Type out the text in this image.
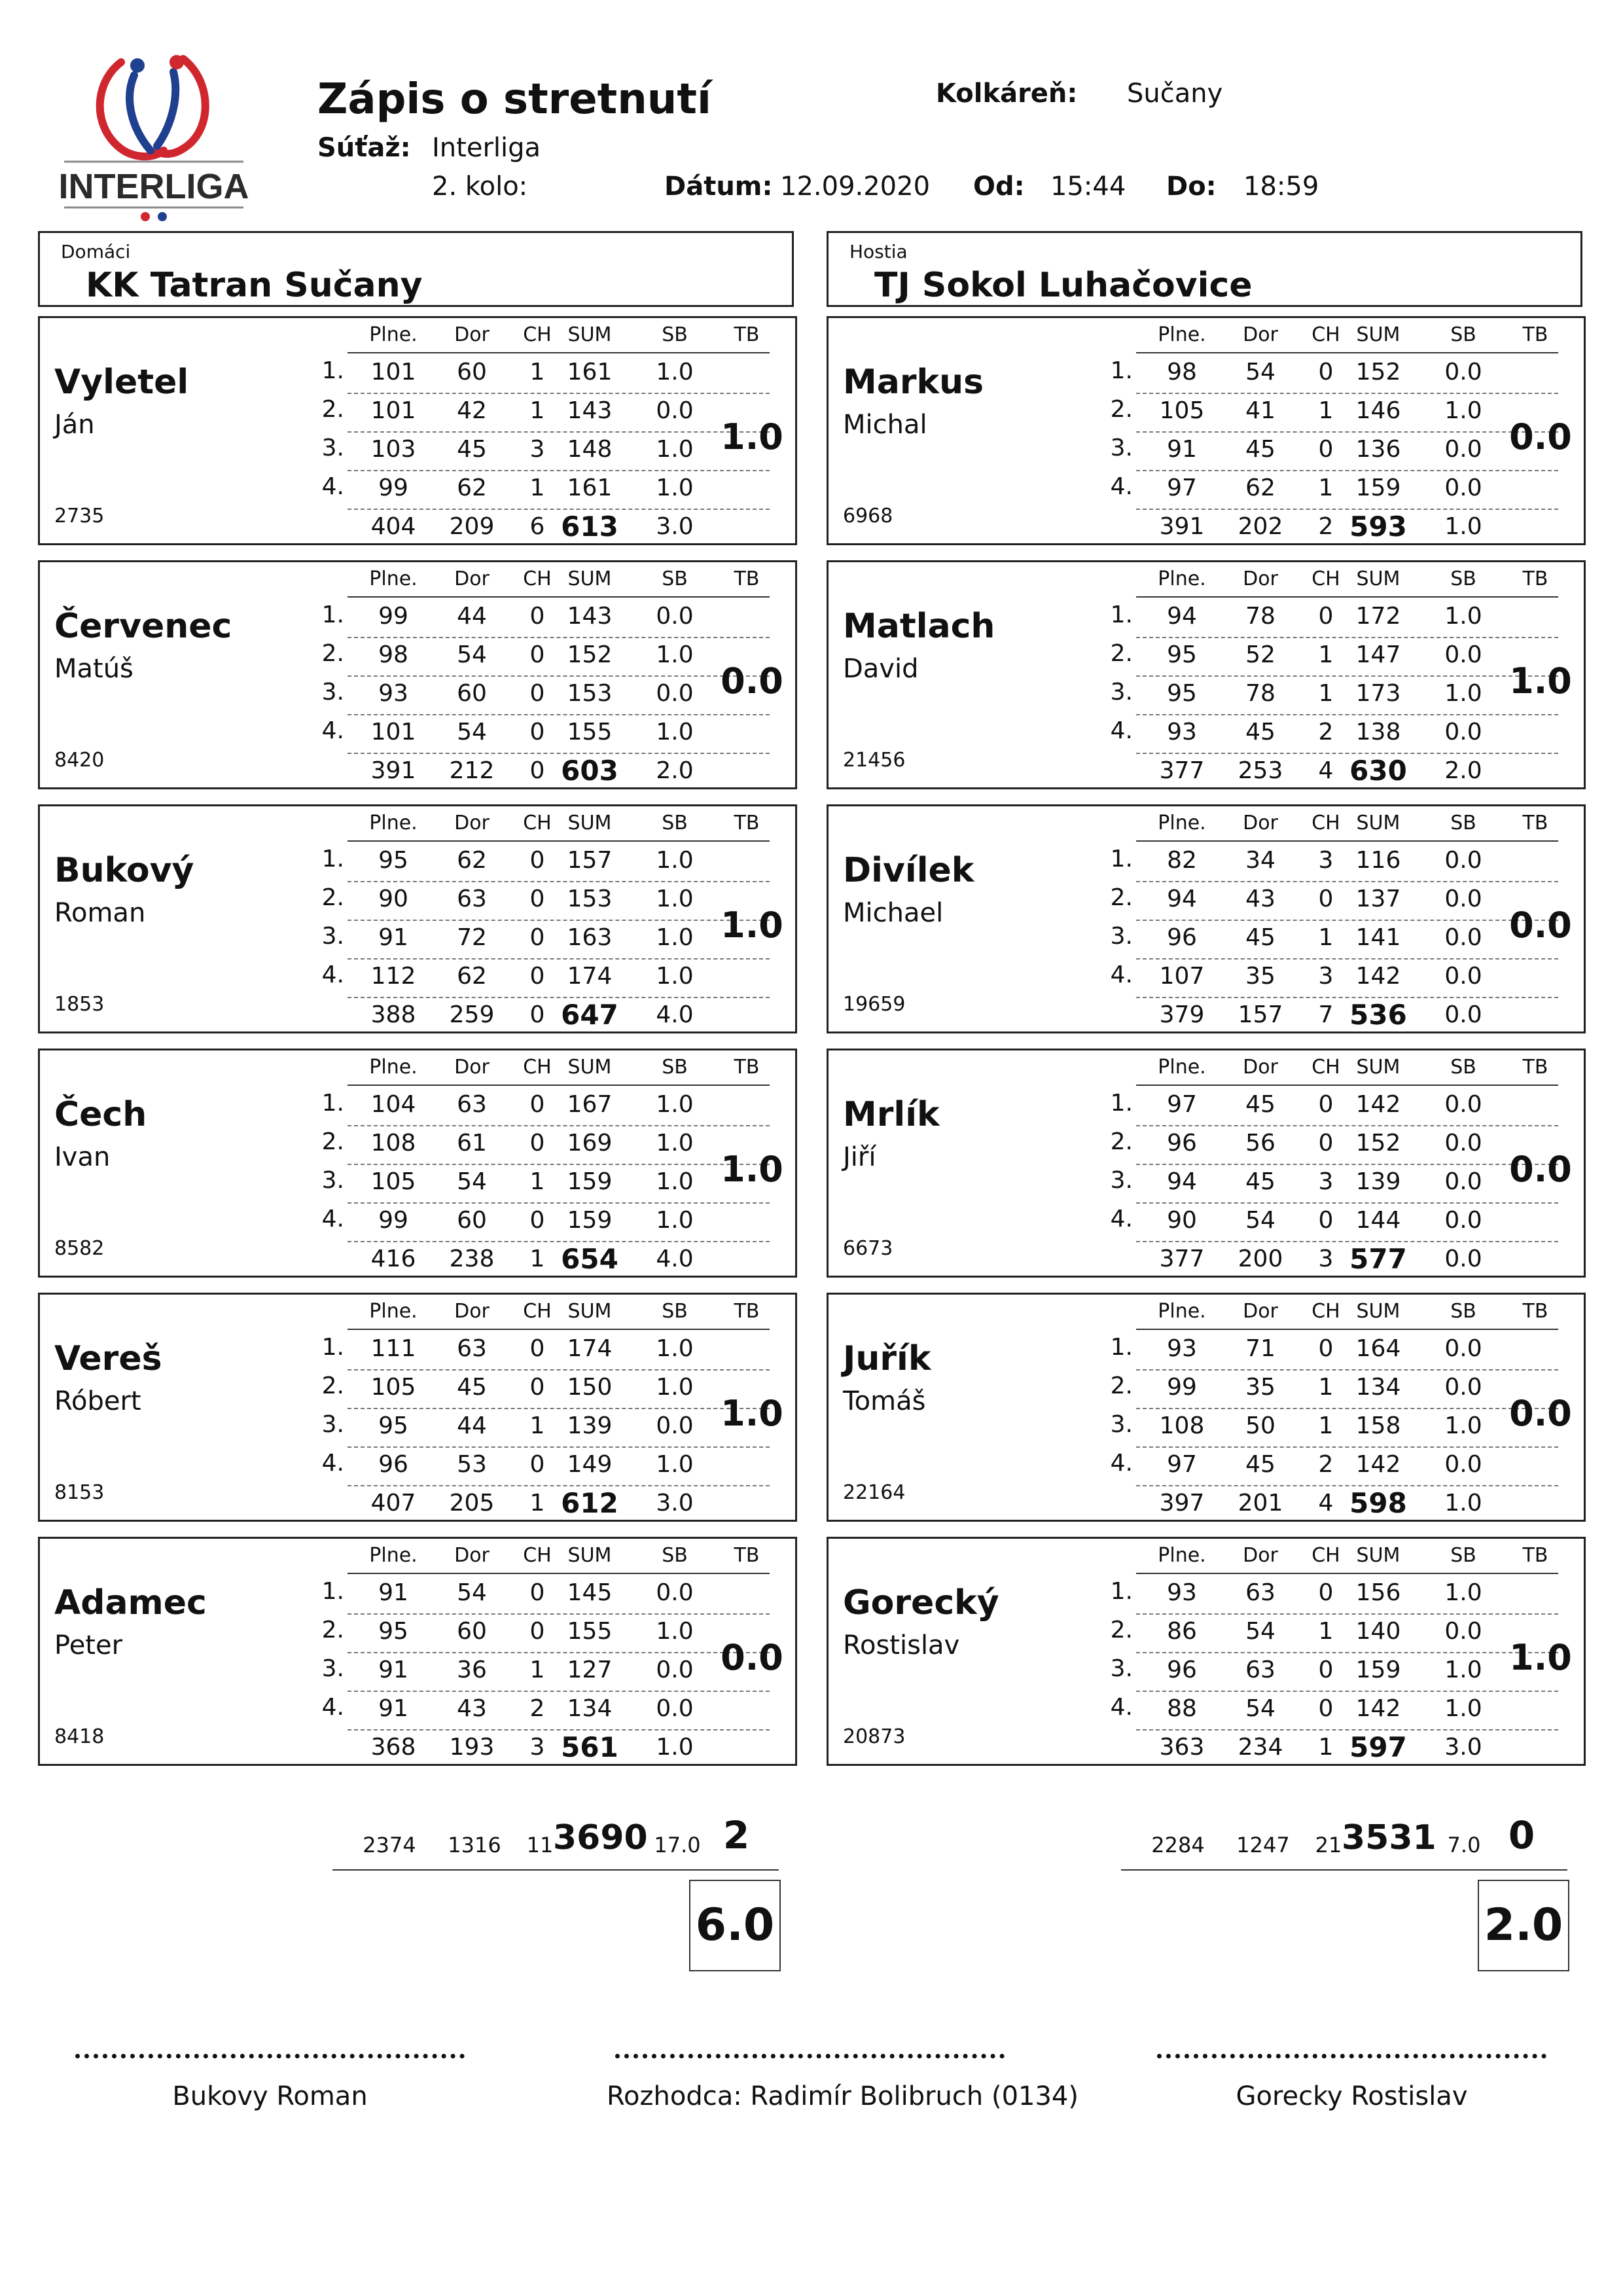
INTERLIGA
Zápis o stretnutí
Súťaž: Interliga
2. kolo:
Kolkáreň: Sučany
Dátum: 12.09.2020 Od: 15:44 Do: 18:59
Domáci
KK Tatran Sučany
Hostia
TJ Sokol Luhačovice
Vyletel
Ján
2735
Plne.	Dor	CH SUM	SB	TB
1.	101	60	1 161	1.0
2.	101	42	1 143	0.0
3.	103	45	3 148	1.0
4.	99	62	1 161	1.0
404	209	6 613	3.0
1.0
Červenec
Matúš
8420
Plne.	Dor	CH SUM	SB	TB
1.	99	44	0 143	0.0
2.	98	54	0 152	1.0
3.	93	60	0 153	0.0
4.	101	54	0 155	1.0
391	212	0 603	2.0
0.0
Bukový
Roman
1853
Plne.	Dor	CH SUM	SB	TB
1.	95	62	0 157	1.0
2.	90	63	0 153	1.0
3.	91	72	0 163	1.0
4.	112	62	0 174	1.0
388	259	0 647	4.0
1.0
Čech
Ivan
8582
Plne.	Dor	CH SUM	SB	TB
1.	104	63	0 167	1.0
2.	108	61	0 169	1.0
3.	105	54	1 159	1.0
4.	99	60	0 159	1.0
416	238	1 654	4.0
1.0
Vereš
Róbert
8153
Plne.	Dor	CH SUM	SB	TB
1.	111	63	0 174	1.0
2.	105	45	0 150	1.0
3.	95	44	1 139	0.0
4.	96	53	0 149	1.0
407	205	1 612	3.0
1.0
Adamec
Peter
8418
Plne.	Dor	CH SUM	SB	TB
1.	91	54	0 145	0.0
2.	95	60	0 155	1.0
3.	91	36	1 127	0.0
4.	91	43	2 134	0.0
368	193	3 561	1.0
0.0
Markus
Michal
6968
Plne.	Dor	CH SUM	SB	TB
1.	98	54	0 152	0.0
2.	105	41	1 146	1.0
3.	91	45	0 136	0.0
4.	97	62	1 159	0.0
391	202	2 593	1.0
0.0
Matlach
David
21456
Plne.	Dor	CH SUM	SB	TB
1.	94	78	0 172	1.0
2.	95	52	1 147	0.0
3.	95	78	1 173	1.0
4.	93	45	2 138	0.0
377	253	4 630	2.0
1.0
Divílek
Michael
19659
Plne.	Dor	CH SUM	SB	TB
1.	82	34	3 116	0.0
2.	94	43	0 137	0.0
3.	96	45	1 141	0.0
4.	107	35	3 142	0.0
379	157	7 536	0.0
0.0
Mrlík
Jiří
6673
Plne.	Dor	CH SUM	SB	TB
1.	97	45	0 142	0.0
2.	96	56	0 152	0.0
3.	94	45	3 139	0.0
4.	90	54	0 144	0.0
377	200	3 577	0.0
0.0
Juřík
Tomáš
22164
Plne.	Dor	CH SUM	SB	TB
1.	93	71	0 164	0.0
2.	99	35	1 134	0.0
3.	108	50	1 158	1.0
4.	97	45	2 142	0.0
397	201	4 598	1.0
0.0
Gorecký
Rostislav
20873
Plne.	Dor	CH SUM	SB	TB
1.	93	63	0 156	1.0
2.	86	54	1 140	0.0
3.	96	63	0 159	1.0
4.	88	54	0 142	1.0
363	234	1 597	3.0
1.0
2374 1316	11 3690 17.0 2
6.0
2284 1247	21 3531 7.0 0
2.0
Bukovy Roman	Rozhodca: Radimír Bolibruch (0134)	Gorecky Rostislav
